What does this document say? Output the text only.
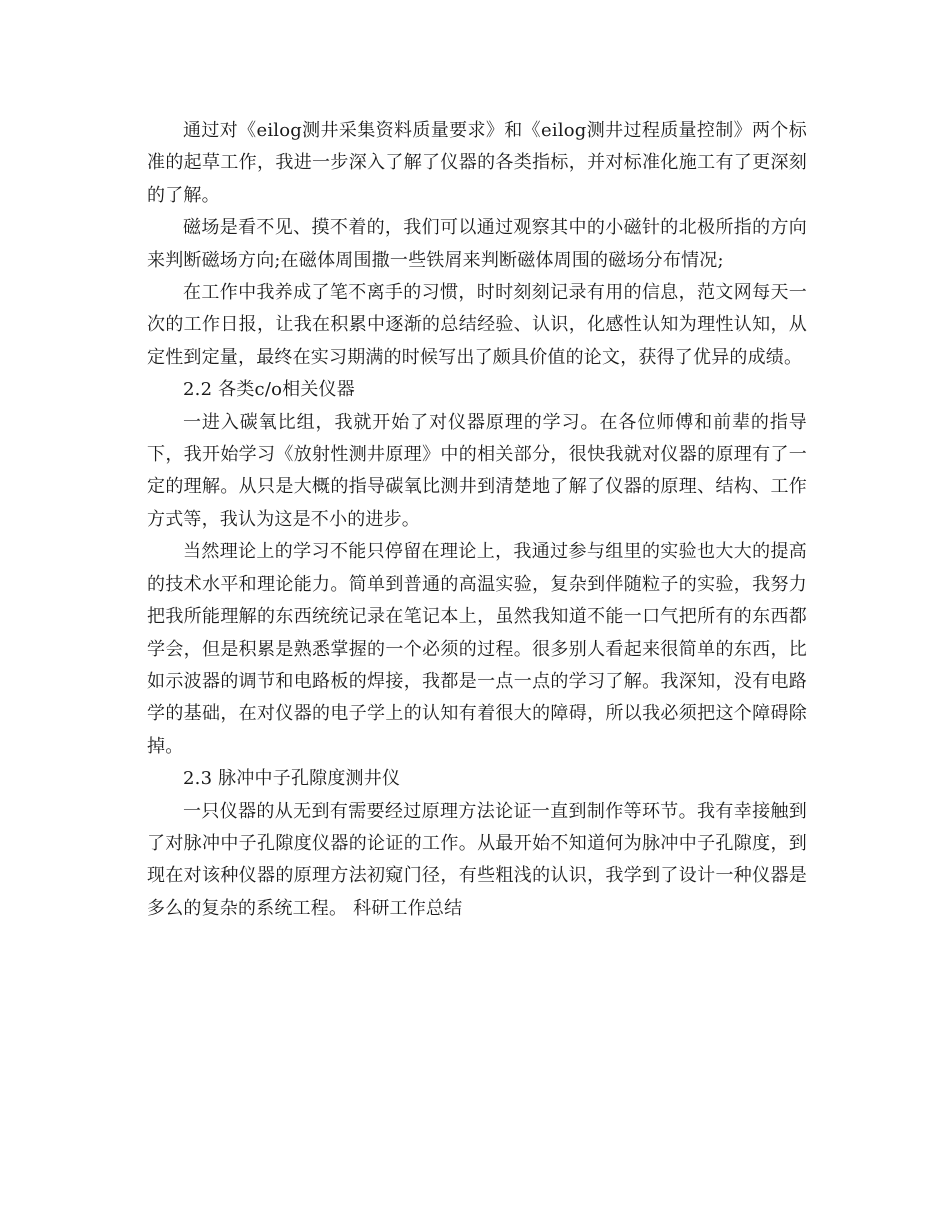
通过对《eilog测井采集资料质量要求》和《eilog测井过程质量控制》两个标准的起草工作，我进一步深入了解了仪器的各类指标，并对标准化施工有了更深刻的了解。

磁场是看不见、摸不着的，我们可以通过观察其中的小磁针的北极所指的方向来判断磁场方向;在磁体周围撒一些铁屑来判断磁体周围的磁场分布情况;

在工作中我养成了笔不离手的习惯，时时刻刻记录有用的信息，范文网每天一次的工作日报，让我在积累中逐渐的总结经验、认识，化感性认知为理性认知，从定性到定量，最终在实习期满的时候写出了颇具价值的论文，获得了优异的成绩。

2.2 各类c/o相关仪器

一进入碳氧比组，我就开始了对仪器原理的学习。在各位师傅和前辈的指导下，我开始学习《放射性测井原理》中的相关部分，很快我就对仪器的原理有了一定的理解。从只是大概的指导碳氧比测井到清楚地了解了仪器的原理、结构、工作方式等，我认为这是不小的进步。

当然理论上的学习不能只停留在理论上，我通过参与组里的实验也大大的提高的技术水平和理论能力。简单到普通的高温实验，复杂到伴随粒子的实验，我努力把我所能理解的东西统统记录在笔记本上，虽然我知道不能一口气把所有的东西都学会，但是积累是熟悉掌握的一个必须的过程。很多别人看起来很简单的东西，比如示波器的调节和电路板的焊接，我都是一点一点的学习了解。我深知，没有电路学的基础，在对仪器的电子学上的认知有着很大的障碍，所以我必须把这个障碍除掉。

2.3 脉冲中子孔隙度测井仪

一只仪器的从无到有需要经过原理方法论证一直到制作等环节。我有幸接触到了对脉冲中子孔隙度仪器的论证的工作。从最开始不知道何为脉冲中子孔隙度，到现在对该种仪器的原理方法初窥门径，有些粗浅的认识，我学到了设计一种仪器是多么的复杂的系统工程。 科研工作总结
